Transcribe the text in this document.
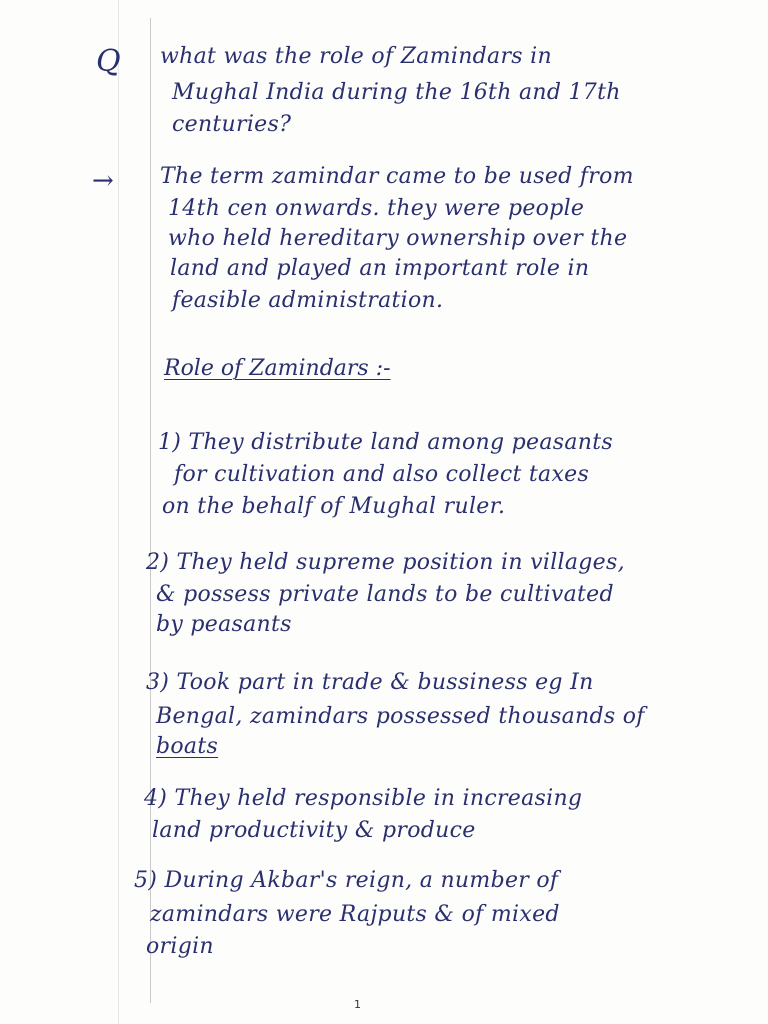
Q what was the role of Zamindars in
Mughal India during the 16th and 17th
centuries?
→ The term zamindar came to be used from
14th cen onwards. they were people
who held hereditary ownership over the
land and played an important role in
feasible administration.
Role of Zamindars :-
1) They distribute land among peasants
for cultivation and also collect taxes
on the behalf of Mughal ruler.
2) They held supreme position in villages,
& possess private lands to be cultivated
by peasants
3) Took part in trade & bussiness eg In
Bengal, zamindars possessed thousands of
boats
4) They held responsible in increasing
land productivity & produce
5) During Akbar's reign, a number of
zamindars were Rajputs & of mixed
origin
1
